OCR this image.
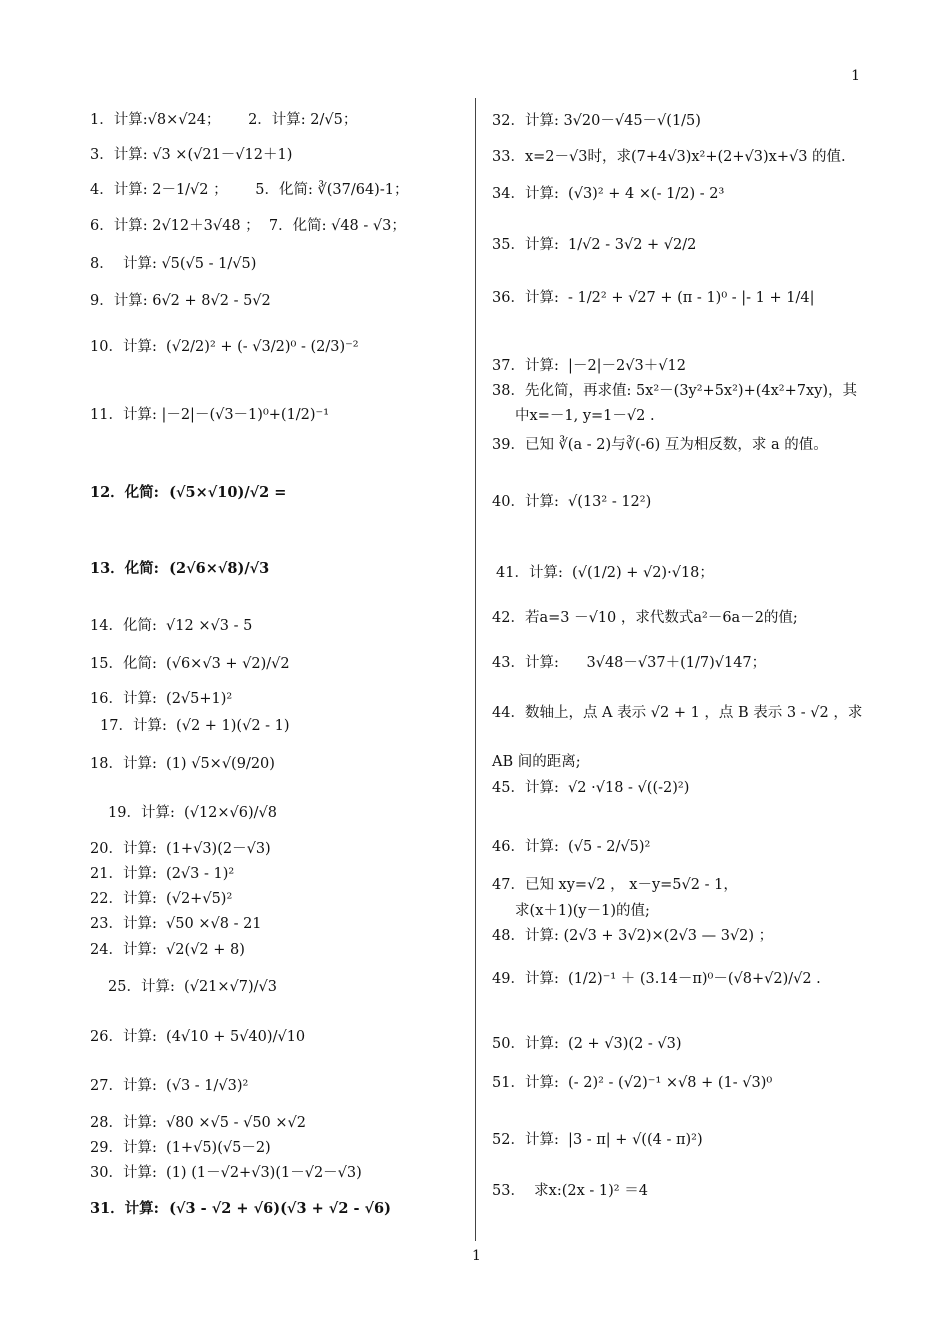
1
1．计算:√8×√24；      2．计算: 2/√5；
3．计算: √3 ×(√21－√12＋1)
4．计算: 2－1/√2 ；      5．化简: ∛(37/64)-1；
6．计算: 2√12＋3√48 ；  7．化简: √48 - √3；
8．  计算: √5(√5 - 1/√5)
9．计算: 6√2 + 8√2 - 5√2
10．计算:  (√2/2)² + (- √3/2)⁰ - (2/3)⁻²
11．计算: |－2|－(√3－1)⁰+(1/2)⁻¹
12．化简:  (√5×√10)/√2 =
13．化简:  (2√6×√8)/√3
14．化简:  √12 ×√3 - 5
15．化简:  (√6×√3 + √2)/√2
16．计算:  (2√5+1)²
17．计算:  (√2 + 1)(√2 - 1)
18．计算:  (1) √5×√(9/20)
19．计算:  (√12×√6)/√8
20．计算:  (1+√3)(2－√3)
21．计算:  (2√3 - 1)²
22．计算:  (√2+√5)²
23．计算:  √50 ×√8 - 21
24．计算:  √2(√2 + 8)
25．计算:  (√21×√7)/√3
26．计算:  (4√10 + 5√40)/√10
27．计算:  (√3 - 1/√3)²
28．计算:  √80 ×√5 - √50 ×√2
29．计算:  (1+√5)(√5－2)
30．计算:  (1) (1－√2+√3)(1－√2－√3)
31．计算:  (√3 - √2 + √6)(√3 + √2 - √6)
32．计算: 3√20－√45－√(1/5)
33．x=2－√3时，求(7+4√3)x²+(2+√3)x+√3 的值.
34．计算:  (√3)² + 4 ×(- 1/2) - 2³
35．计算:  1/√2 - 3√2 + √2/2
36．计算:  - 1/2² + √27 + (π - 1)⁰ - |- 1 + 1/4|
37．计算:  |－2|－2√3＋√12
38．先化简，再求值: 5x²－(3y²+5x²)+(4x²+7xy)，其
中x=－1, y=1－√2 .
39．已知 ∛(a - 2)与∛(-6) 互为相反数，求 a 的值。
40．计算:  √(13² - 12²)
41．计算:  (√(1/2) + √2)·√18；
42．若a=3 －√10 ，求代数式a²－6a－2的值;
43．计算:      3√48－√37＋(1/7)√147；
44．数轴上，点 A 表示 √2 + 1 ，点 B 表示 3 - √2 ，求
AB 间的距离;
45．计算:  √2 ·√18 - √((-2)²)
46．计算:  (√5 - 2/√5)²
47．已知 xy=√2 ， x－y=5√2 - 1，
求(x＋1)(y－1)的值;
48．计算: (2√3 + 3√2)×(2√3 — 3√2) ；
49．计算:  (1/2)⁻¹ ＋ (3.14－π)⁰－(√8+√2)/√2 .
50．计算:  (2 + √3)(2 - √3)
51．计算:  (- 2)² - (√2)⁻¹ ×√8 + (1- √3)⁰
52．计算:  |3 - π| + √((4 - π)²)
53．  求x:(2x - 1)² ＝4
1
